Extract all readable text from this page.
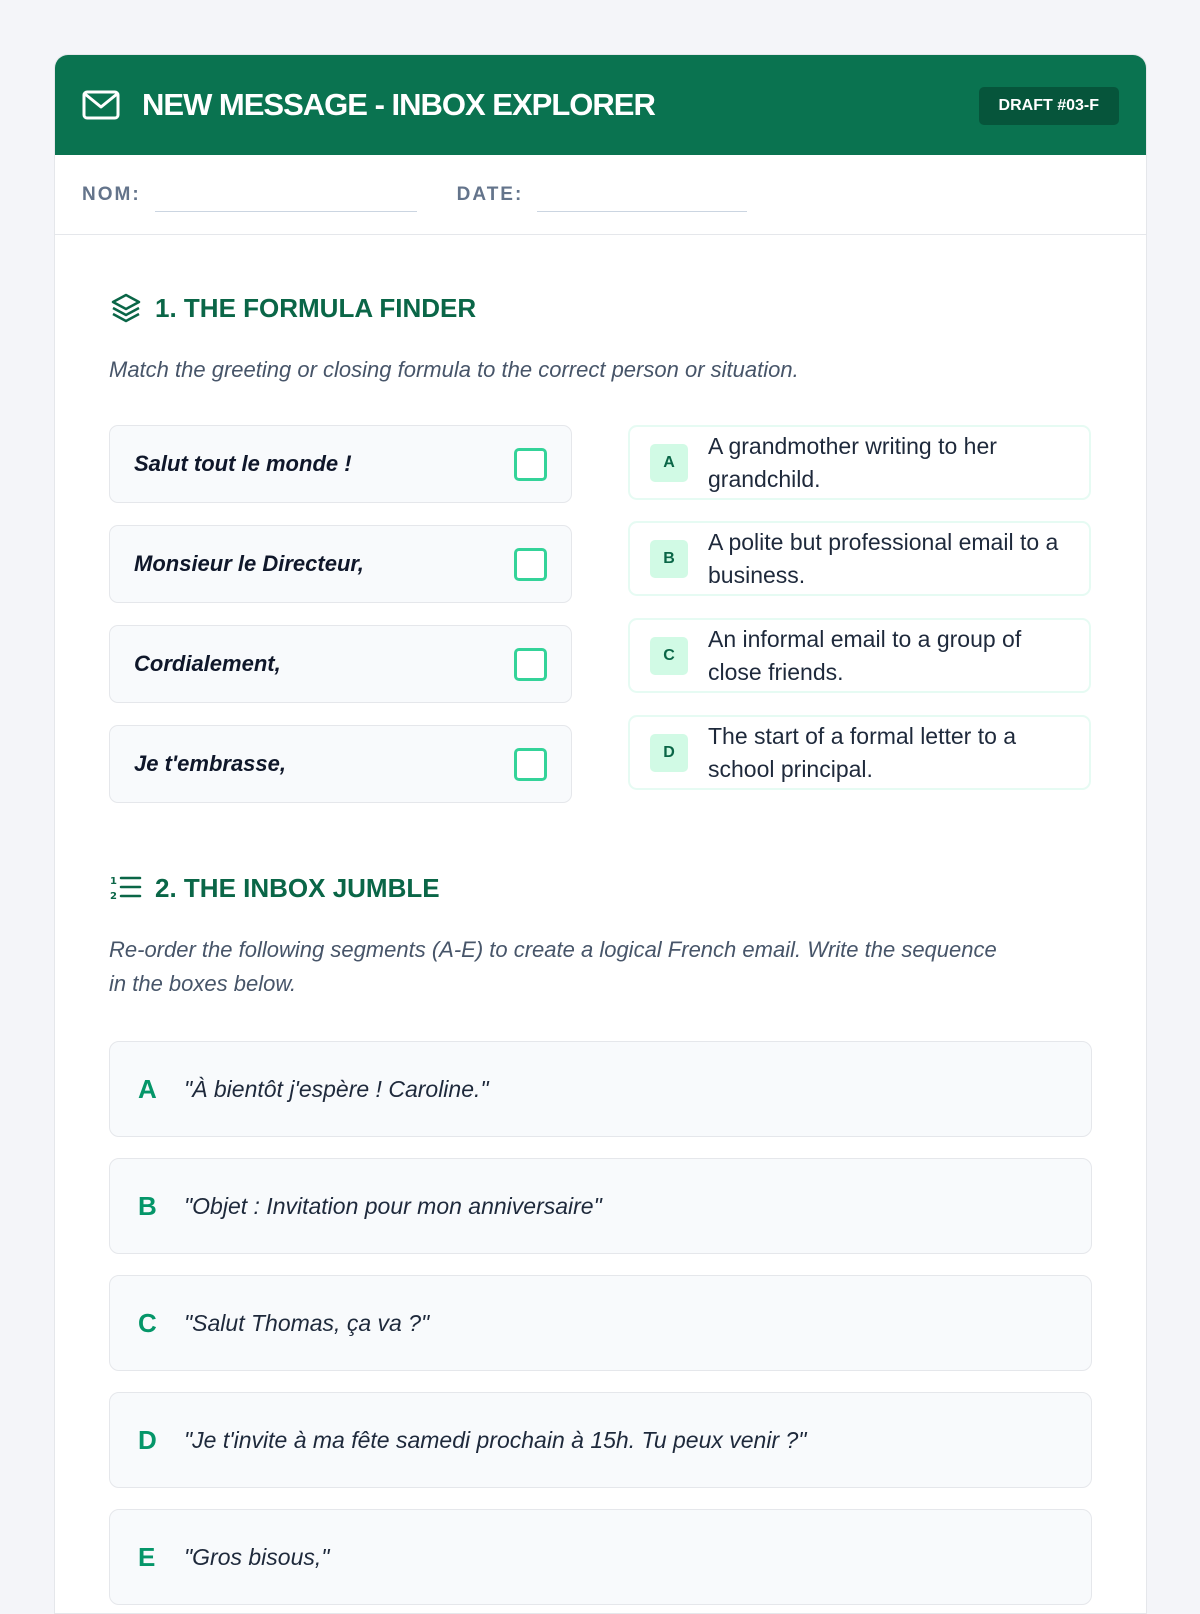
NEW MESSAGE - INBOX EXPLORER	DRAFT #03-F
NOM:	DATE:
1. THE FORMULA FINDER

Match the greeting or closing formula to the correct person or situation.

Salut tout le monde !
Monsieur le Directeur,
Cordialement,
Je t'embrasse,
A
A grandmother writing to her grandchild.
B
A polite but professional email to a business.
C
An informal email to a group of close friends.
D
The start of a formal letter to a school principal.
1
2 2. THE INBOX JUMBLE

Re-order the following segments (A-E) to create a logical French email. Write the sequence in the boxes below.

A	"À bientôt j'espère ! Caroline."
B	"Objet : Invitation pour mon anniversaire"
C	"Salut Thomas, ça va ?"
D	"Je t'invite à ma fête samedi prochain à 15h. Tu peux venir ?"
E	"Gros bisous,"
